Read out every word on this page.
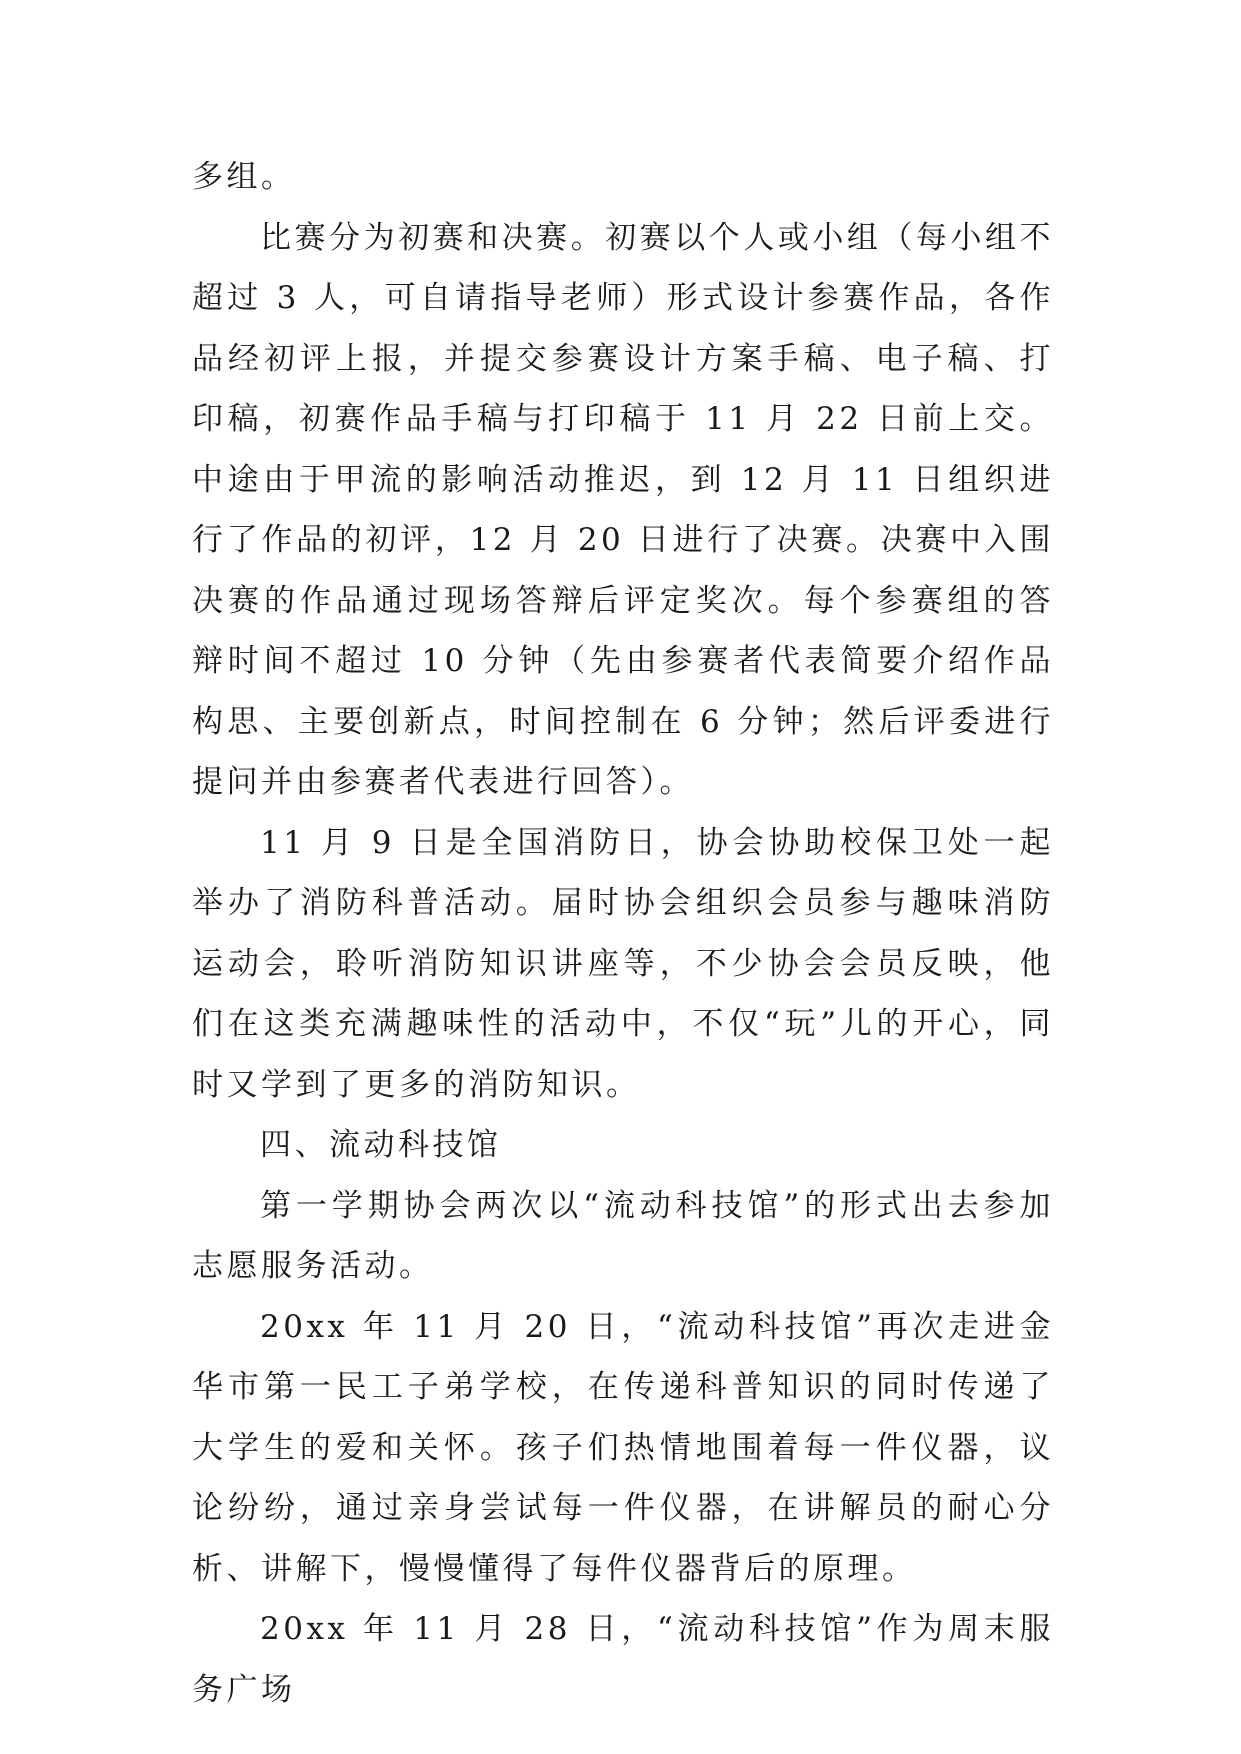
多组。

比赛分为初赛和决赛。初赛以个人或小组（每小组不超过 3 人，可自请指导老师）形式设计参赛作品，各作品经初评上报，并提交参赛设计方案手稿、电子稿、打印稿，初赛作品手稿与打印稿于 11 月 22 日前上交。中途由于甲流的影响活动推迟，到 12 月 11 日组织进行了作品的初评，12 月 20 日进行了决赛。决赛中入围决赛的作品通过现场答辩后评定奖次。每个参赛组的答辩时间不超过 10 分钟（先由参赛者代表简要介绍作品构思、主要创新点，时间控制在 6 分钟；然后评委进行提问并由参赛者代表进行回答）。

11 月 9 日是全国消防日，协会协助校保卫处一起举办了消防科普活动。届时协会组织会员参与趣味消防运动会，聆听消防知识讲座等，不少协会会员反映，他们在这类充满趣味性的活动中，不仅“玩”儿的开心，同时又学到了更多的消防知识。

四、流动科技馆

第一学期协会两次以“流动科技馆”的形式出去参加志愿服务活动。

20xx 年 11 月 20 日，“流动科技馆”再次走进金华市第一民工子弟学校，在传递科普知识的同时传递了大学生的爱和关怀。孩子们热情地围着每一件仪器，议论纷纷，通过亲身尝试每一件仪器，在讲解员的耐心分析、讲解下，慢慢懂得了每件仪器背后的原理。

20xx 年 11 月 28 日，“流动科技馆”作为周末服务广场
